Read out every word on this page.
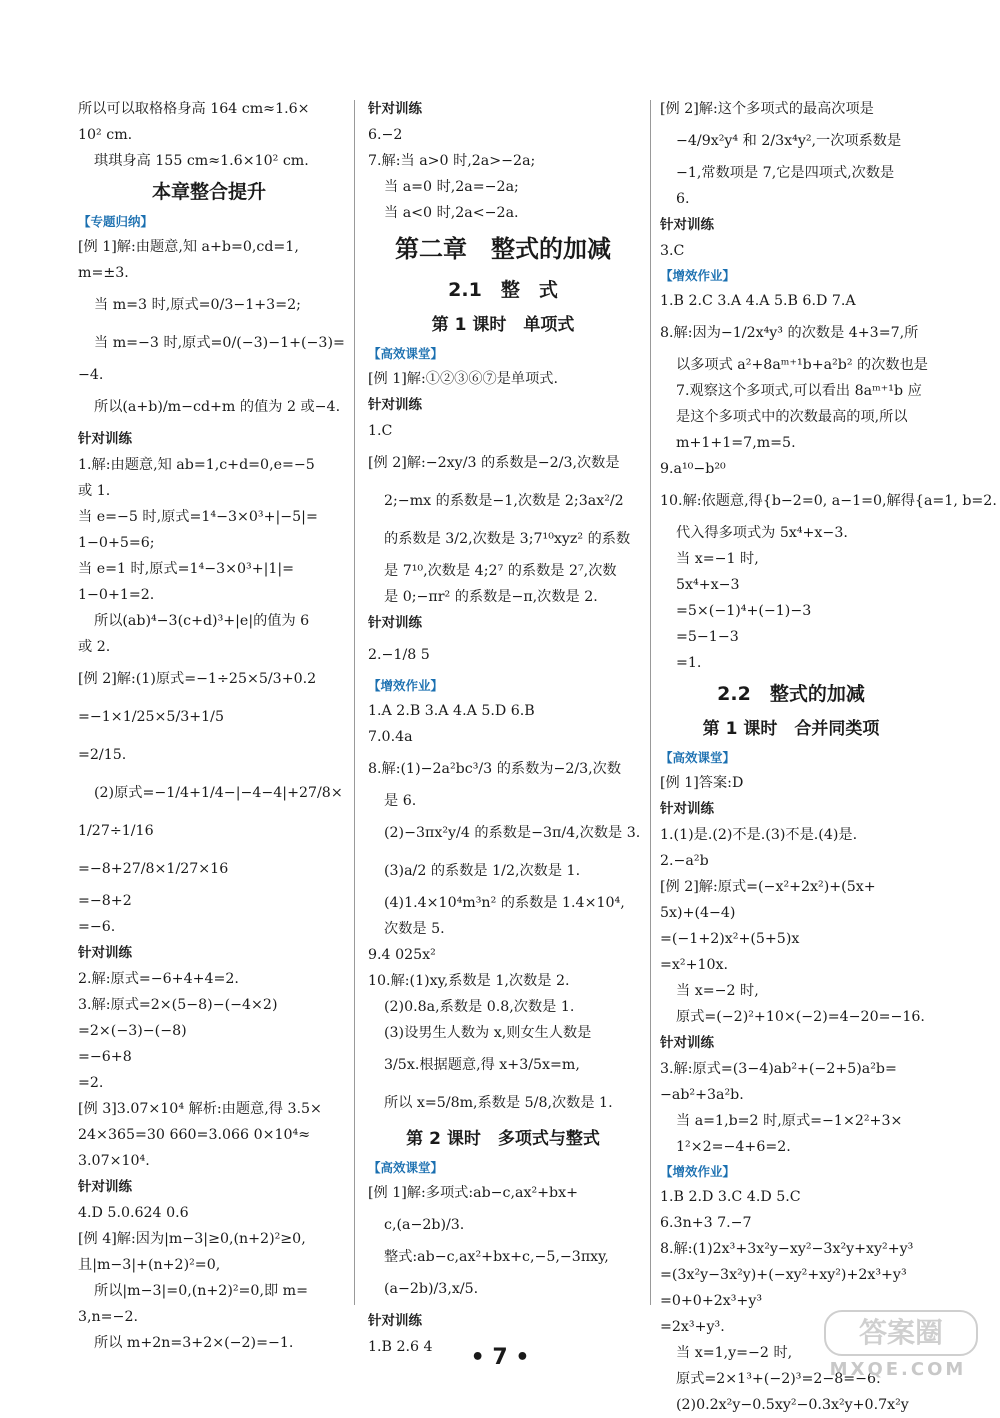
所以可以取格格身高 164 cm≈1.6×
10² cm.
琪琪身高 155 cm≈1.6×10² cm.
本章整合提升
【专题归纳】
[例 1]解:由题意,知 a+b=0,cd=1,
m=±3.
当 m=3 时,原式=0/3−1+3=2;
当 m=−3 时,原式=0/(−3)−1+(−3)=
−4.
所以(a+b)/m−cd+m 的值为 2 或−4.
针对训练
1.解:由题意,知 ab=1,c+d=0,e=−5
或 1.
当 e=−5 时,原式=1⁴−3×0³+|−5|=
1−0+5=6;
当 e=1 时,原式=1⁴−3×0³+|1|=
1−0+1=2.
所以(ab)⁴−3(c+d)³+|e|的值为 6
或 2.
[例 2]解:(1)原式=−1÷25×5/3+0.2
=−1×1/25×5/3+1/5
=2/15.
(2)原式=−1/4+1/4−|−4−4|+27/8×
1/27÷1/16
=−8+27/8×1/27×16
=−8+2
=−6.
针对训练
2.解:原式=−6+4+4=2.
3.解:原式=2×(5−8)−(−4×2)
=2×(−3)−(−8)
=−6+8
=2.
[例 3]3.07×10⁴ 解析:由题意,得 3.5×
24×365=30 660=3.066 0×10⁴≈
3.07×10⁴.
针对训练
4.D 5.0.624 0.6
[例 4]解:因为|m−3|≥0,(n+2)²≥0,
且|m−3|+(n+2)²=0,
所以|m−3|=0,(n+2)²=0,即 m=
3,n=−2.
所以 m+2n=3+2×(−2)=−1.
针对训练
6.−2
7.解:当 a>0 时,2a>−2a;
当 a=0 时,2a=−2a;
当 a<0 时,2a<−2a.
第二章　整式的加减
2.1　整　式
第 1 课时　单项式
【高效课堂】
[例 1]解:①②③⑥⑦是单项式.
针对训练
1.C
[例 2]解:−2xy/3 的系数是−2/3,次数是
2;−mx 的系数是−1,次数是 2;3ax²/2
的系数是 3/2,次数是 3;7¹⁰xyz² 的系数
是 7¹⁰,次数是 4;2⁷ 的系数是 2⁷,次数
是 0;−πr² 的系数是−π,次数是 2.
针对训练
2.−1/8 5
【增效作业】
1.A 2.B 3.A 4.A 5.D 6.B
7.0.4a
8.解:(1)−2a²bc³/3 的系数为−2/3,次数
是 6.
(2)−3πx²y/4 的系数是−3π/4,次数是 3.
(3)a/2 的系数是 1/2,次数是 1.
(4)1.4×10⁴m³n² 的系数是 1.4×10⁴,
次数是 5.
9.4 025x²
10.解:(1)xy,系数是 1,次数是 2.
(2)0.8a,系数是 0.8,次数是 1.
(3)设男生人数为 x,则女生人数是
3/5x.根据题意,得 x+3/5x=m,
所以 x=5/8m,系数是 5/8,次数是 1.
第 2 课时　多项式与整式
【高效课堂】
[例 1]解:多项式:ab−c,ax²+bx+
c,(a−2b)/3.
整式:ab−c,ax²+bx+c,−5,−3πxy,
(a−2b)/3,x/5.
针对训练
1.B 2.6 4
[例 2]解:这个多项式的最高次项是
−4/9x²y⁴ 和 2/3x⁴y²,一次项系数是
−1,常数项是 7,它是四项式,次数是
6.
针对训练
3.C
【增效作业】
1.B 2.C 3.A 4.A 5.B 6.D 7.A
8.解:因为−1/2x⁴y³ 的次数是 4+3=7,所
以多项式 a²+8aᵐ⁺¹b+a²b² 的次数也是
7.观察这个多项式,可以看出 8aᵐ⁺¹b 应
是这个多项式中的次数最高的项,所以
m+1+1=7,m=5.
9.a¹⁰−b²⁰
10.解:依题意,得{b−2=0, a−1=0,解得{a=1, b=2.
代入得多项式为 5x⁴+x−3.
当 x=−1 时,
5x⁴+x−3
=5×(−1)⁴+(−1)−3
=5−1−3
=1.
2.2　整式的加减
第 1 课时　合并同类项
【高效课堂】
[例 1]答案:D
针对训练
1.(1)是.(2)不是.(3)不是.(4)是.
2.−a²b
[例 2]解:原式=(−x²+2x²)+(5x+
5x)+(4−4)
=(−1+2)x²+(5+5)x
=x²+10x.
当 x=−2 时,
原式=(−2)²+10×(−2)=4−20=−16.
针对训练
3.解:原式=(3−4)ab²+(−2+5)a²b=
−ab²+3a²b.
当 a=1,b=2 时,原式=−1×2²+3×
1²×2=−4+6=2.
【增效作业】
1.B 2.D 3.C 4.D 5.C
6.3n+3 7.−7
8.解:(1)2x³+3x²y−xy²−3x²y+xy²+y³
=(3x²y−3x²y)+(−xy²+xy²)+2x³+y³
=0+0+2x³+y³
=2x³+y³.
当 x=1,y=−2 时,
原式=2×1³+(−2)³=2−8=−6.
(2)0.2x²y−0.5xy²−0.3x²y+0.7x²y
• 7 •
答案圈
MXQE.COM
